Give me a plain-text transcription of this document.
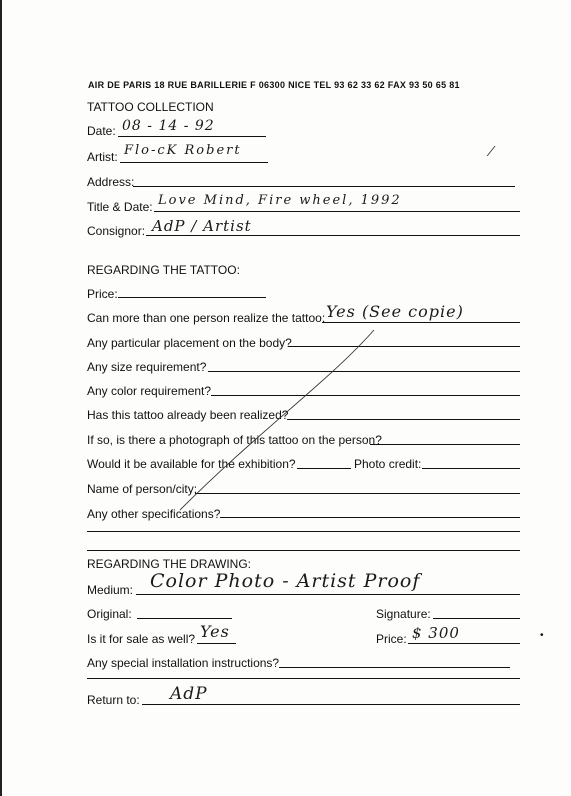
AIR DE PARIS 18 RUE BARILLERIE F 06300 NICE TEL 93 62 33 62 FAX 93 50 65 81
TATTOO COLLECTION
Date: 08 - 14 - 92
Artist: Flo-cK Robert	⁄
Address:
Title & Date: Love Mind, Fire wheel, 1992
Consignor: AdP / Artist
REGARDING THE TATTOO:
Price:
Can more than one person realize the tattoo: Yes (See copie)
Any particular placement on the body?
Any size requirement?
Any color requirement?
Has this tattoo already been realized?
If so, is there a photograph of this tattoo on the person?
Would it be available for the exhibition?	Photo credit:
Name of person/city:
Any other specifications?
REGARDING THE DRAWING:
Medium: Color Photo - Artist Proof
Original:	Signature:
Is it for sale as well? Yes	Price: $ 300	•
Any special installation instructions?
Return to: AdP
